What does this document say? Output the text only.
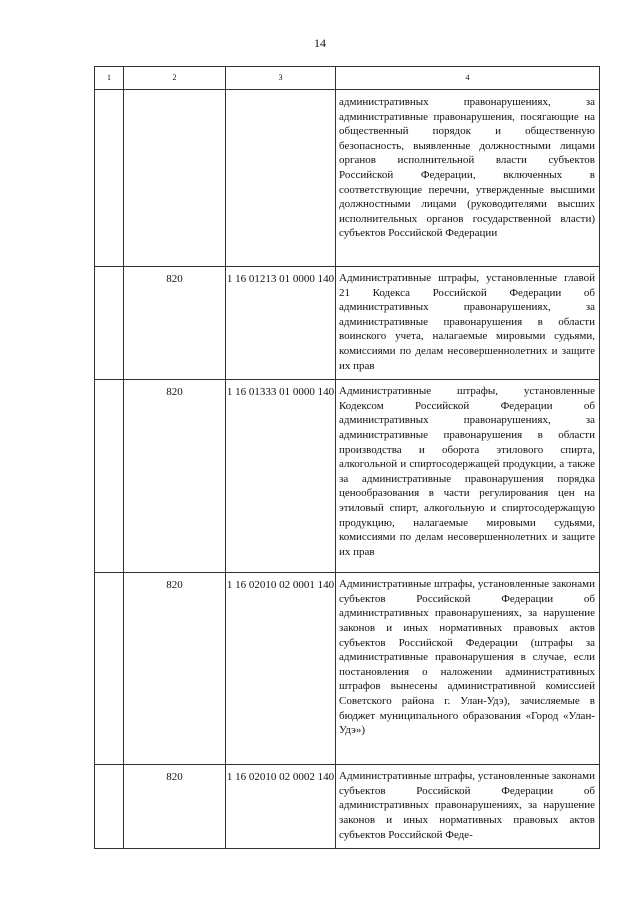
14
1	2	3	4
			административных правонарушениях, за административные правонарушения, посягающие на общественный порядок и общественную безопасность, выявленные должностными лицами органов исполнительной власти субъектов Российской Федерации, включенных в соответствующие перечни, утвержденные высшими должностными лицами (руководителями высших исполнительных органов государственной власти) субъектов Российской Федерации
	820	1 16 01213 01 0000 140	Административные штрафы, установленные главой 21 Кодекса Российской Федерации об административных правонарушениях, за административные правонарушения в области воинского учета, налагаемые мировыми судьями, комиссиями по делам несовершеннолетних и защите их прав
	820	1 16 01333 01 0000 140	Административные штрафы, установленные Кодексом Российской Федерации об административных правонарушениях, за административные правонарушения в области производства и оборота этилового спирта, алкогольной и спиртосодержащей продукции, а также за административные правонарушения порядка ценообразования в части регулирования цен на этиловый спирт, алкогольную и спиртосодержащую продукцию, налагаемые мировыми судьями, комиссиями по делам несовершеннолетних и защите их прав
	820	1 16 02010 02 0001 140	Административные штрафы, установленные законами субъектов Российской Федерации об административных правонарушениях, за нарушение законов и иных нормативных правовых актов субъектов Российской Федерации (штрафы за административные правонарушения в случае, если постановления о наложении административных штрафов вынесены административной комиссией Советского района г. Улан-Удэ), зачисляемые в бюджет муниципального образования «Город «Улан-Удэ»)
	820	1 16 02010 02 0002 140	Административные штрафы, установленные законами субъектов Российской Федерации об административных правонарушениях, за нарушение законов и иных нормативных правовых актов субъектов Российской Феде-
